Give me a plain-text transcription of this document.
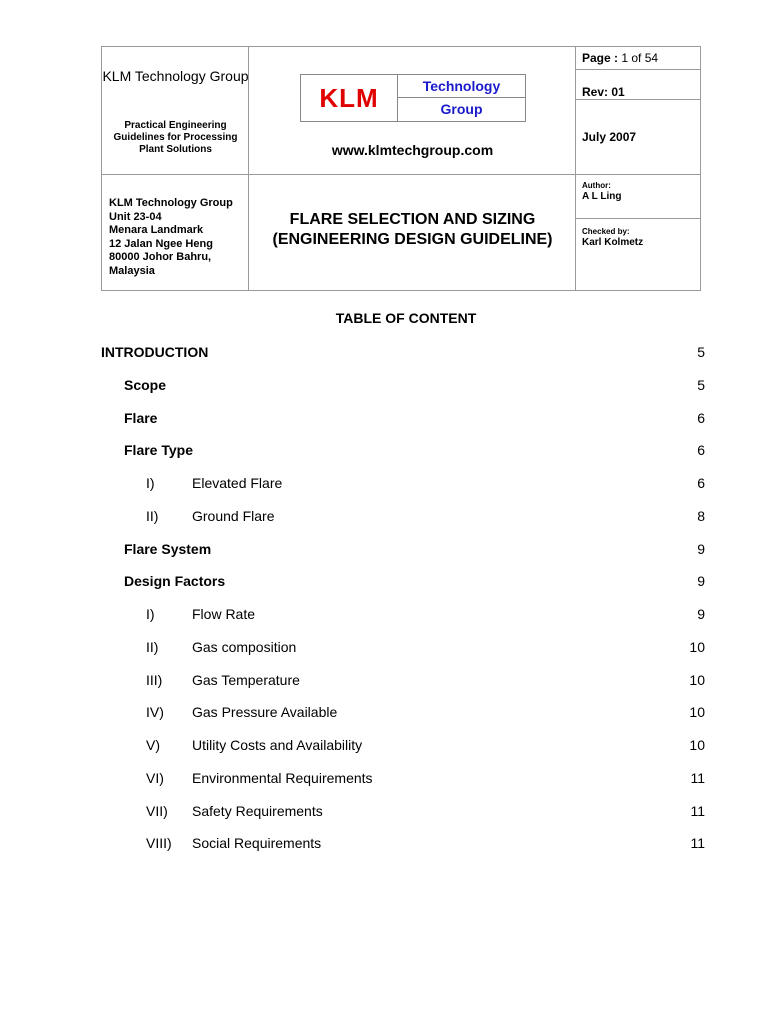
KLM Technology Group
Practical Engineering Guidelines for Processing Plant Solutions
KLM	Technology
Group
www.klmtechgroup.com
Page : 1 of 54
Rev: 01
July 2007
KLM Technology Group
Unit 23-04
Menara Landmark
12 Jalan Ngee Heng
80000 Johor Bahru,
Malaysia
FLARE SELECTION AND SIZING
(ENGINEERING DESIGN GUIDELINE)
Author:
A L Ling
Checked by:
Karl Kolmetz
TABLE OF CONTENT
INTRODUCTION	5
Scope	5
Flare	6
Flare Type	6
I)	Elevated Flare	6
II) Ground Flare	8
Flare System	9
Design Factors	9
I)	Flow Rate	9
II) Gas composition	10
III) Gas Temperature	10
IV) Gas Pressure Available	10
V) Utility Costs and Availability	10
VI) Environmental Requirements	11
VII) Safety Requirements	11
VIII) Social Requirements	11
